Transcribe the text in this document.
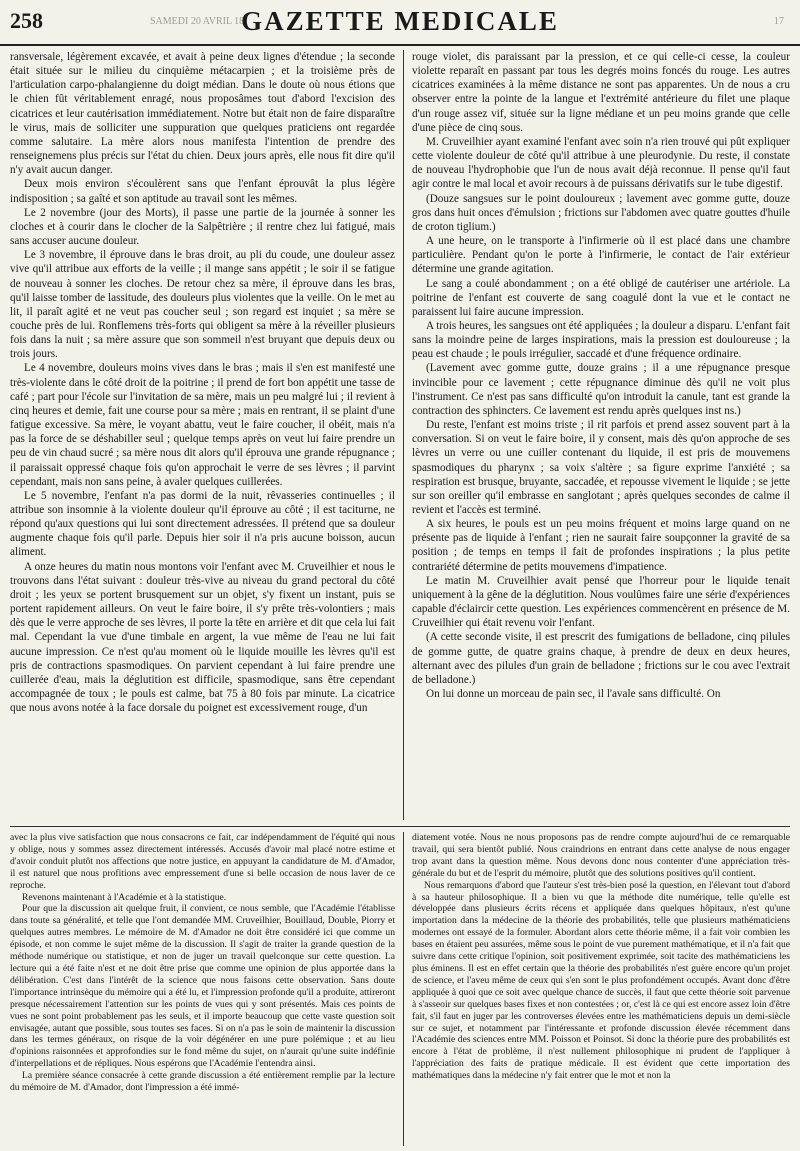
258	SAMEDI 20 AVRIL 18
GAZETTE MEDICALE	17

ransversale, légèrement excavée, et avait à peine deux lignes d'étendue ; la seconde était située sur le milieu du cinquième métacarpien ; et la troisième près de l'articulation carpo-phalangienne du doigt médian. Dans le doute où nous étions que le chien fût véritablement enragé, nous proposâmes tout d'abord l'excision des cicatrices et leur cautérisation immédiatement. Notre but était non de faire disparaître le virus, mais de solliciter une suppuration que quelques praticiens ont regardée comme salutaire. La mère alors nous manifesta l'intention de prendre des renseignemens plus précis sur l'état du chien. Deux jours après, elle nous fit dire qu'il n'y avait aucun danger.

Deux mois environ s'écoulèrent sans que l'enfant éprouvât la plus légère indisposition ; sa gaîté et son aptitude au travail sont les mêmes.

Le 2 novembre (jour des Morts), il passe une partie de la journée à sonner les cloches et à courir dans le clocher de la Salpêtrière ; il rentre chez lui fatigué, mais sans accuser aucune douleur.

Le 3 novembre, il éprouve dans le bras droit, au pli du coude, une douleur assez vive qu'il attribue aux efforts de la veille ; il mange sans appétit ; le soir il se fatigue de nouveau à sonner les cloches. De retour chez sa mère, il éprouve dans les bras, qu'il laisse tomber de lassitude, des douleurs plus violentes que la veille. On le met au lit, il paraît agité et ne veut pas coucher seul ; son regard est inquiet ; sa mère se couche près de lui. Ronflemens très-forts qui obligent sa mère à la réveiller plusieurs fois dans la nuit ; sa mère assure que son sommeil n'est bruyant que depuis deux ou trois jours.

Le 4 novembre, douleurs moins vives dans le bras ; mais il s'en est manifesté une très-violente dans le côté droit de la poitrine ; il prend de fort bon appétit une tasse de café ; part pour l'école sur l'invitation de sa mère, mais un peu malgré lui ; il revient à cinq heures et demie, fait une course pour sa mère ; mais en rentrant, il se plaint d'une fatigue excessive. Sa mère, le voyant abattu, veut le faire coucher, il obéit, mais n'a pas la force de se déshabiller seul ; quelque temps après on veut lui faire prendre un peu de vin chaud sucré ; sa mère nous dit alors qu'il éprouva une grande répugnance ; il paraissait oppressé chaque fois qu'on approchait le verre de ses lèvres ; il parvint cependant, mais non sans peine, à avaler quelques cuillerées.

Le 5 novembre, l'enfant n'a pas dormi de la nuit, rêvasseries continuelles ; il attribue son insomnie à la violente douleur qu'il éprouve au côté ; il est taciturne, ne répond qu'aux questions qui lui sont directement adressées. Il prétend que sa douleur augmente chaque fois qu'il parle. Depuis hier soir il n'a pris aucune boisson, aucun aliment.

A onze heures du matin nous montons voir l'enfant avec M. Cruveilhier et nous le trouvons dans l'état suivant : douleur très-vive au niveau du grand pectoral du côté droit ; les yeux se portent brusquement sur un objet, s'y fixent un instant, puis se portent rapidement ailleurs. On veut le faire boire, il s'y prête très-volontiers ; mais dès que le verre approche de ses lèvres, il porte la tête en arrière et dit que cela lui fait mal. Cependant la vue d'une timbale en argent, la vue même de l'eau ne lui fait aucune impression. Ce n'est qu'au moment où le liquide mouille les lèvres qu'il est pris de contractions spasmodiques. On parvient cependant à lui faire prendre une cuillerée d'eau, mais la déglutition est difficile, spasmodique, sans être cependant accompagnée de toux ; le pouls est calme, bat 75 à 80 fois par minute. La cicatrice que nous avons notée à la face dorsale du poignet est excessivement rouge, d'un

rouge violet, dis paraissant par la pression, et ce qui celle-ci cesse, la couleur violette reparaît en passant par tous les degrés moins foncés du rouge. Les autres cicatrices examinées à la même distance ne sont pas apparentes. Un de nous a cru observer entre la pointe de la langue et l'extrémité antérieure du filet une plaque d'un rouge assez vif, située sur la ligne médiane et un peu moins grande que celle d'une pièce de cinq sous.

M. Cruveilhier ayant examiné l'enfant avec soin n'a rien trouvé qui pût expliquer cette violente douleur de côté qu'il attribue à une pleurodynie. Du reste, il constate de nouveau l'hydrophobie que l'un de nous avait déjà reconnue. Il pense qu'il faut agir contre le mal local et avoir recours à de puissans dérivatifs sur le tube digestif.

(Douze sangsues sur le point douloureux ; lavement avec gomme gutte, douze gros dans huit onces d'émulsion ; frictions sur l'abdomen avec quatre gouttes d'huile de croton tiglium.)

A une heure, on le transporte à l'infirmerie où il est placé dans une chambre particulière. Pendant qu'on le porte à l'infirmerie, le contact de l'air extérieur détermine une grande agitation.

Le sang a coulé abondamment ; on a été obligé de cautériser une artériole. La poitrine de l'enfant est couverte de sang coagulé dont la vue et le contact ne paraissent lui faire aucune impression.

A trois heures, les sangsues ont été appliquées ; la douleur a disparu. L'enfant fait sans la moindre peine de larges inspirations, mais la pression est douloureuse ; la peau est chaude ; le pouls irrégulier, saccadé et d'une fréquence ordinaire.

(Lavement avec gomme gutte, douze grains ; il a une répugnance presque invincible pour ce lavement ; cette répugnance diminue dès qu'il ne voit plus l'instrument. Ce n'est pas sans difficulté qu'on introduit la canule, tant est grande la contraction des sphincters. Ce lavement est rendu après quelques inst ns.)

Du reste, l'enfant est moins triste ; il rit parfois et prend assez souvent part à la conversation. Si on veut le faire boire, il y consent, mais dès qu'on approche de ses lèvres un verre ou une cuiller contenant du liquide, il est pris de mouvemens spasmodiques du pharynx ; sa voix s'altère ; sa figure exprime l'anxiété ; sa respiration est brusque, bruyante, saccadée, et repousse vivement le liquide ; se jette sur son oreiller qu'il embrasse en sanglotant ; après quelques secondes de calme il revient et l'accès est terminé.

A six heures, le pouls est un peu moins fréquent et moins large quand on ne présente pas de liquide à l'enfant ; rien ne saurait faire soupçonner la gravité de sa position ; de temps en temps il fait de profondes inspirations ; la plus petite contrariété détermine de petits mouvemens d'impatience.

Le matin M. Cruveilhier avait pensé que l'horreur pour le liquide tenait uniquement à la gêne de la déglutition. Nous voulûmes faire une série d'expériences capable d'éclaircir cette question. Les expériences commencèrent en présence de M. Cruveilhier qui était revenu voir l'enfant.

(A cette seconde visite, il est prescrit des fumigations de belladone, cinq pilules de gomme gutte, de quatre grains chaque, à prendre de deux en deux heures, alternant avec des pilules d'un grain de belladone ; frictions sur le cou avec l'extrait de belladone.)

On lui donne un morceau de pain sec, il l'avale sans difficulté. On

avec la plus vive satisfaction que nous consacrons ce fait, car indépendamment de l'équité qui nous y oblige, nous y sommes assez directement intéressés. Accusés d'avoir mal placé notre estime et d'avoir conduit plutôt nos affections que notre justice, en appuyant la candidature de M. d'Amador, il est naturel que nous profitions avec empressement d'une si belle occasion de nous laver de ce reproche.

Revenons maintenant à l'Académie et à la statistique.

Pour que la discussion ait quelque fruit, il convient, ce nous semble, que l'Académie l'établisse dans toute sa généralité, et telle que l'ont demandée MM. Cruveilhier, Bouillaud, Double, Piorry et quelques autres membres. Le mémoire de M. d'Amador ne doit être considéré ici que comme un épisode, et non comme le sujet même de la discussion. Il s'agit de traiter la grande question de la méthode numérique ou statistique, et non de juger un travail quelconque sur cette question. La lecture qui a été faite n'est et ne doit être prise que comme une opinion de plus apportée dans la délibération. C'est dans l'intérêt de la science que nous faisons cette observation. Sans doute l'importance intrinsèque du mémoire qui a été lu, et l'impression profonde qu'il a produite, attireront presque nécessairement l'attention sur les points de vues qui y sont présentés. Mais ces points de vues ne sont point probablement pas les seuls, et il importe beaucoup que cette vaste question soit envisagée, autant que possible, sous toutes ses faces. Si on n'a pas le soin de maintenir la discussion dans les termes généraux, on risque de la voir dégénérer en une pure polémique ; et au lieu d'opinions raisonnées et approfondies sur le fond même du sujet, on n'aurait qu'une suite indéfinie d'interpellations et de répliques. Nous espérons que l'Académie l'entendra ainsi.

La première séance consacrée à cette grande discussion a été entièrement remplie par la lecture du mémoire de M. d'Amador, dont l'impression a été immé-

diatement votée. Nous ne nous proposons pas de rendre compte aujourd'hui de ce remarquable travail, qui sera bientôt publié. Nous craindrions en entrant dans cette analyse de nous engager trop avant dans la question même. Nous devons donc nous contenter d'une appréciation très-générale du but et de l'esprit du mémoire, plutôt que des solutions positives qu'il contient.

Nous remarquons d'abord que l'auteur s'est très-bien posé la question, en l'élevant tout d'abord à sa hauteur philosophique. Il a bien vu que la méthode dite numérique, telle qu'elle est développée dans plusieurs écrits récens et appliquée dans quelques hôpitaux, n'est qu'une importation dans la médecine de la théorie des probabilités, telle que plusieurs mathématiciens modernes ont essayé de la formuler. Abordant alors cette théorie même, il a fait voir combien les bases en étaient peu assurées, même sous le point de vue purement mathématique, et il n'a fait que suivre dans cette critique l'opinion, soit positivement exprimée, soit tacite des mathématiciens les plus éminens. Il est en effet certain que la théorie des probabilités n'est guère encore qu'un projet de science, et l'aveu même de ceux qui s'en sont le plus profondément occupés. Avant donc d'être appliquée à quoi que ce soit avec quelque chance de succès, il faut que cette théorie soit parvenue à s'asseoir sur quelques bases fixes et non contestées ; or, c'est là ce qui est encore assez loin d'être fait, s'il faut en juger par les controverses élevées entre les mathématiciens depuis un demi-siècle sur ce sujet, et notamment par l'intéressante et profonde discussion élevée récemment dans l'Académie des sciences entre MM. Poisson et Poinsot. Si donc la théorie pure des probabilités est encore à l'état de problème, il n'est nullement philosophique ni prudent de l'appliquer à l'appréciation des faits de pratique médicale. Il est évident que cette importation des mathématiques dans la médecine n'y fait entrer que le mot et non la
